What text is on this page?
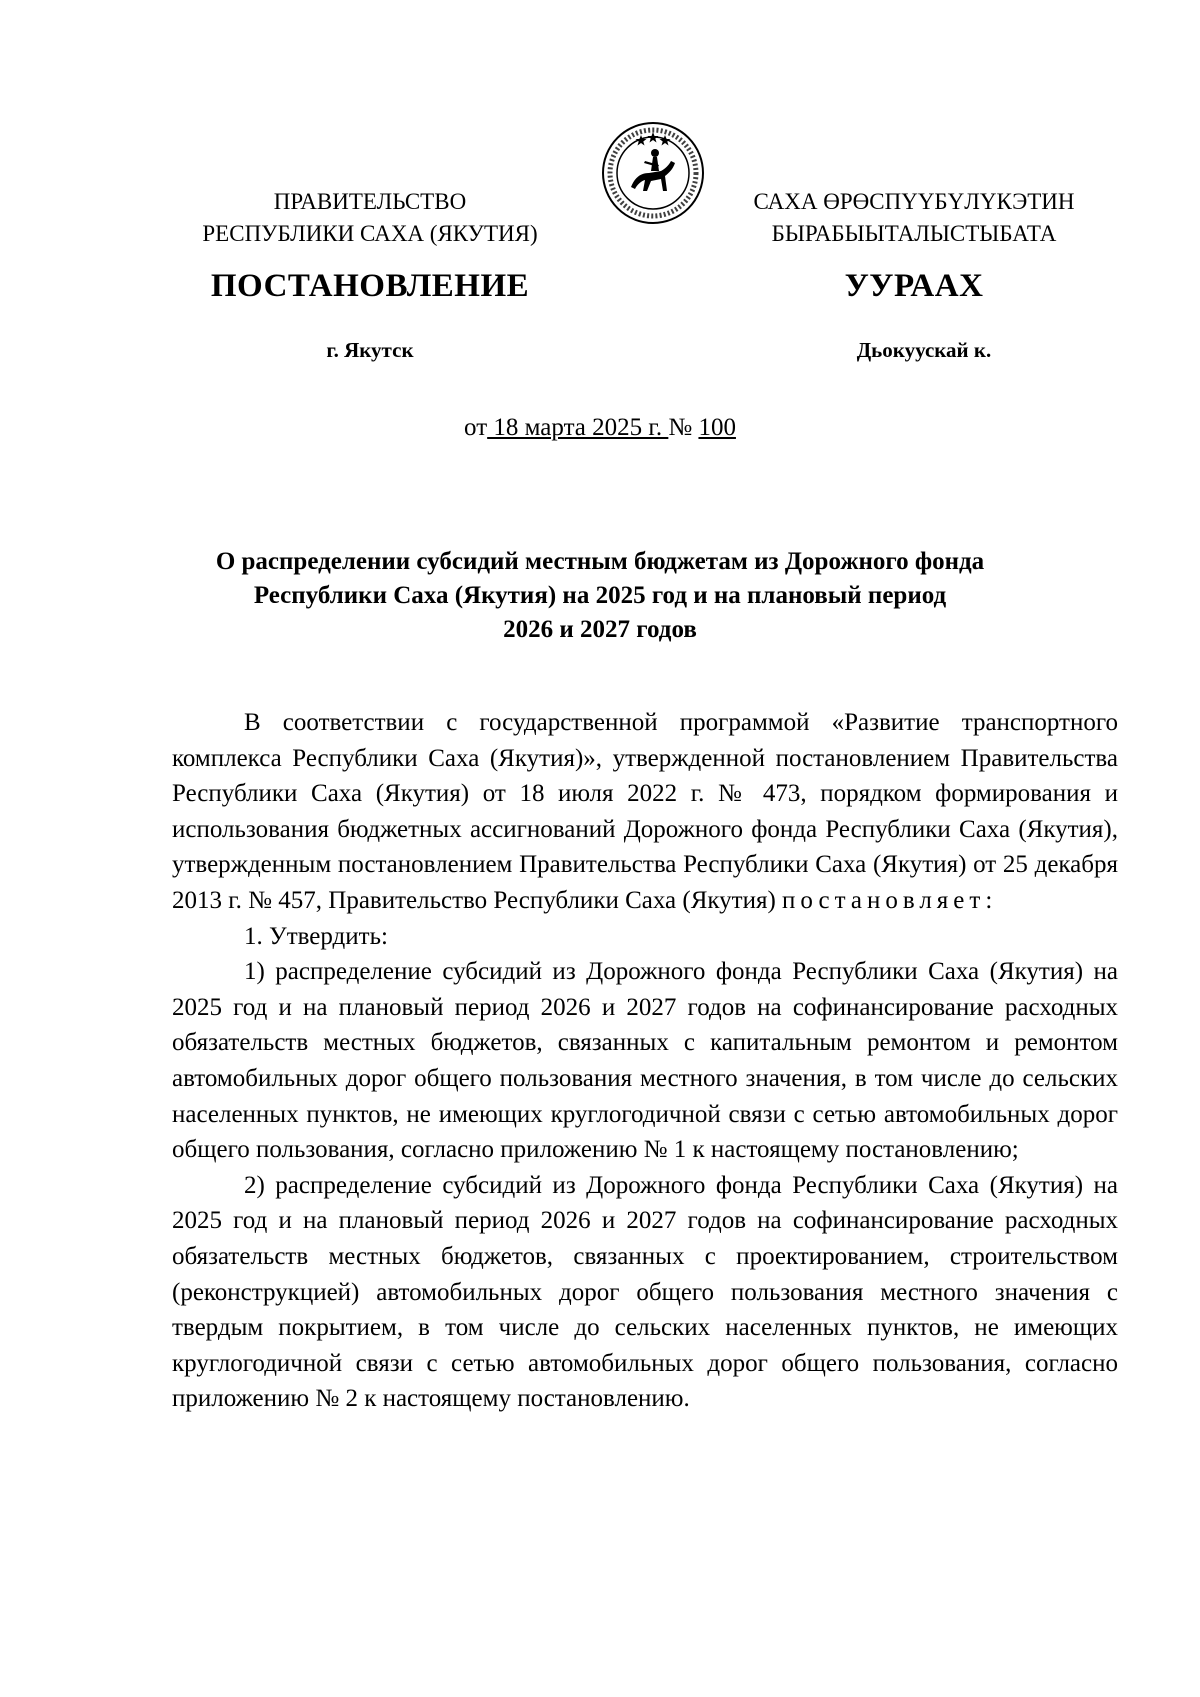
ПРАВИТЕЛЬСТВО
РЕСПУБЛИКИ САХА (ЯКУТИЯ)
САХА ӨРӨСПҮҮБҮЛҮКЭТИН
БЫРАБЫЫТАЛЫСТЫБАТА
ПОСТАНОВЛЕНИЕ	УУРААХ
г. Якутск	Дьокуускай к.
от 18 марта 2025 г. № 100
О распределении субсидий местным бюджетам из Дорожного фонда
Республики Саха (Якутия) на 2025 год и на плановый период
2026 и 2027 годов

В соответствии с государственной программой «Развитие транспортного комплекса Республики Саха (Якутия)», утвержденной постановлением Правительства Республики Саха (Якутия) от 18 июля 2022 г. № 473, порядком формирования и использования бюджетных ассигнований Дорожного фонда Республики Саха (Якутия), утвержденным постановлением Правительства Республики Саха (Якутия) от 25 декабря 2013 г. № 457, Правительство Республики Саха (Якутия) постановляет:

1. Утвердить:

1) распределение субсидий из Дорожного фонда Республики Саха (Якутия) на 2025 год и на плановый период 2026 и 2027 годов на софинансирование расходных обязательств местных бюджетов, связанных с капитальным ремонтом и ремонтом автомобильных дорог общего пользования местного значения, в том числе до сельских населенных пунктов, не имеющих круглогодичной связи с сетью автомобильных дорог общего пользования, согласно приложению № 1 к настоящему постановлению;

2) распределение субсидий из Дорожного фонда Республики Саха (Якутия) на 2025 год и на плановый период 2026 и 2027 годов на софинансирование расходных обязательств местных бюджетов, связанных с проектированием, строительством (реконструкцией) автомобильных дорог общего пользования местного значения с твердым покрытием, в том числе до сельских населенных пунктов, не имеющих круглогодичной связи с сетью автомобильных дорог общего пользования, согласно приложению № 2 к настоящему постановлению.
